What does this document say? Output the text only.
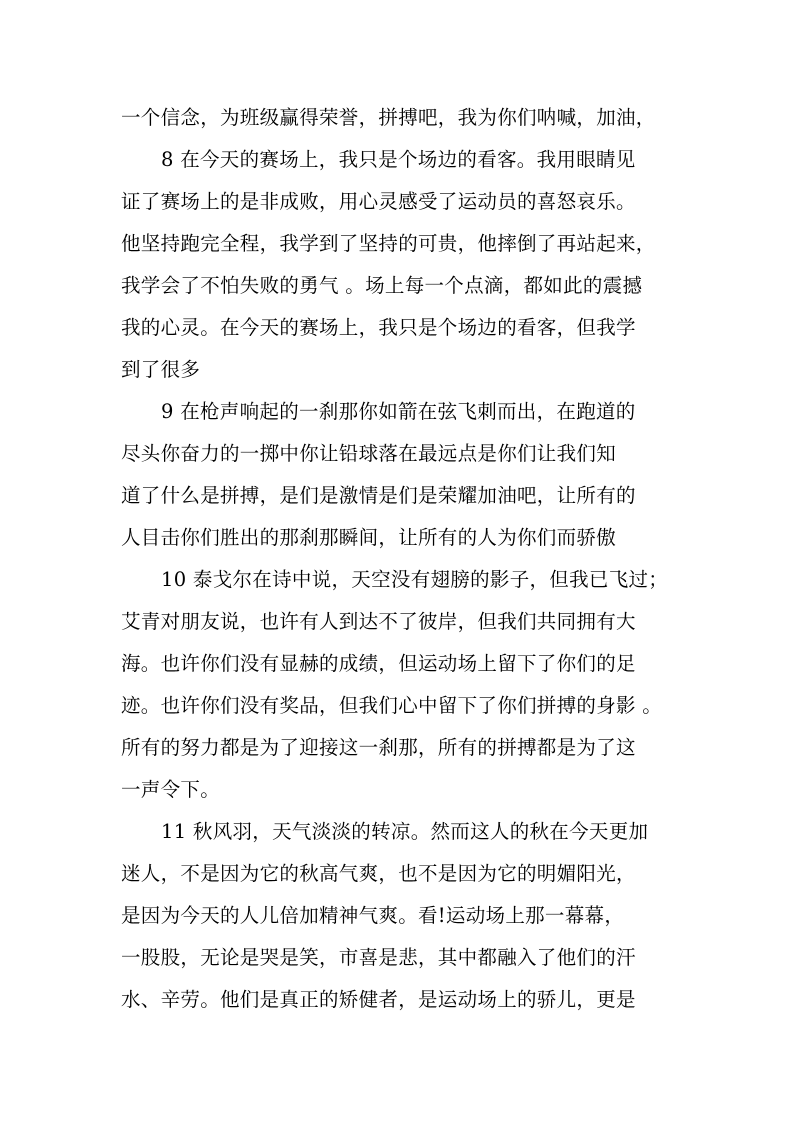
一个信念，为班级赢得荣誉，拼搏吧，我为你们呐喊，加油，
8 在今天的赛场上，我只是个场边的看客。我用眼睛见
证了赛场上的是非成败，用心灵感受了运动员的喜怒哀乐。
他坚持跑完全程，我学到了坚持的可贵，他摔倒了再站起来，
我学会了不怕失败的勇气 。场上每一个点滴，都如此的震撼
我的心灵。在今天的赛场上，我只是个场边的看客，但我学
到了很多
9 在枪声响起的一刹那你如箭在弦飞刺而出，在跑道的
尽头你奋力的一掷中你让铅球落在最远点是你们让我们知
道了什么是拼搏，是们是激情是们是荣耀加油吧，让所有的
人目击你们胜出的那刹那瞬间，让所有的人为你们而骄傲
10 泰戈尔在诗中说，天空没有翅膀的影子，但我已飞过；
艾青对朋友说，也许有人到达不了彼岸，但我们共同拥有大
海。也许你们没有显赫的成绩，但运动场上留下了你们的足
迹。也许你们没有奖品，但我们心中留下了你们拼搏的身影 。
所有的努力都是为了迎接这一刹那，所有的拼搏都是为了这
一声令下。
11 秋风羽，天气淡淡的转凉。然而这人的秋在今天更加
迷人，不是因为它的秋高气爽，也不是因为它的明媚阳光，
是因为今天的人儿倍加精神气爽。看!运动场上那一幕幕，
一股股，无论是哭是笑，市喜是悲，其中都融入了他们的汗
水、辛劳。他们是真正的矫健者，是运动场上的骄儿，更是
